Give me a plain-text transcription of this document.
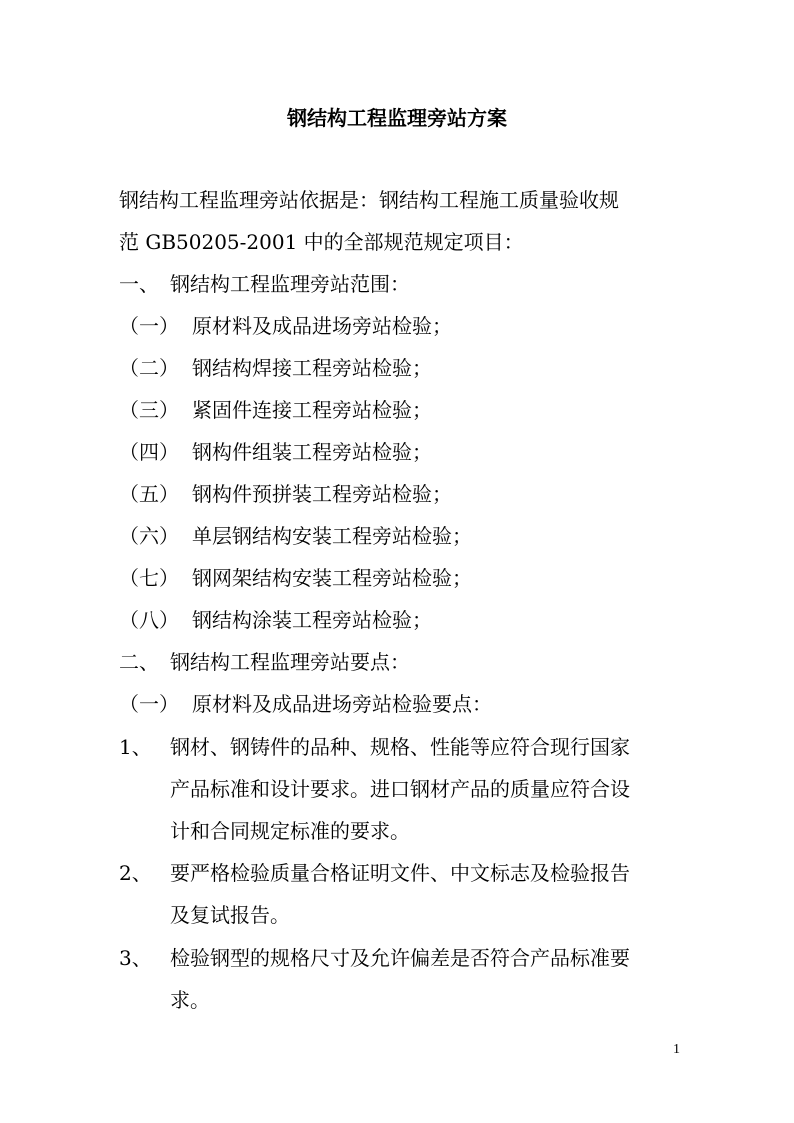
钢结构工程监理旁站方案
钢结构工程监理旁站依据是：钢结构工程施工质量验收规
范 GB50205-2001 中的全部规范规定项目：
一、 钢结构工程监理旁站范围：
（一） 原材料及成品进场旁站检验；
（二） 钢结构焊接工程旁站检验；
（三） 紧固件连接工程旁站检验；
（四） 钢构件组装工程旁站检验；
（五） 钢构件预拼装工程旁站检验；
（六） 单层钢结构安装工程旁站检验；
（七） 钢网架结构安装工程旁站检验；
（八） 钢结构涂装工程旁站检验；
二、 钢结构工程监理旁站要点：
（一） 原材料及成品进场旁站检验要点：
1、 钢材、钢铸件的品种、规格、性能等应符合现行国家
产品标准和设计要求。进口钢材产品的质量应符合设
计和合同规定标准的要求。
2、 要严格检验质量合格证明文件、中文标志及检验报告
及复试报告。
3、 检验钢型的规格尺寸及允许偏差是否符合产品标准要
求。
1
